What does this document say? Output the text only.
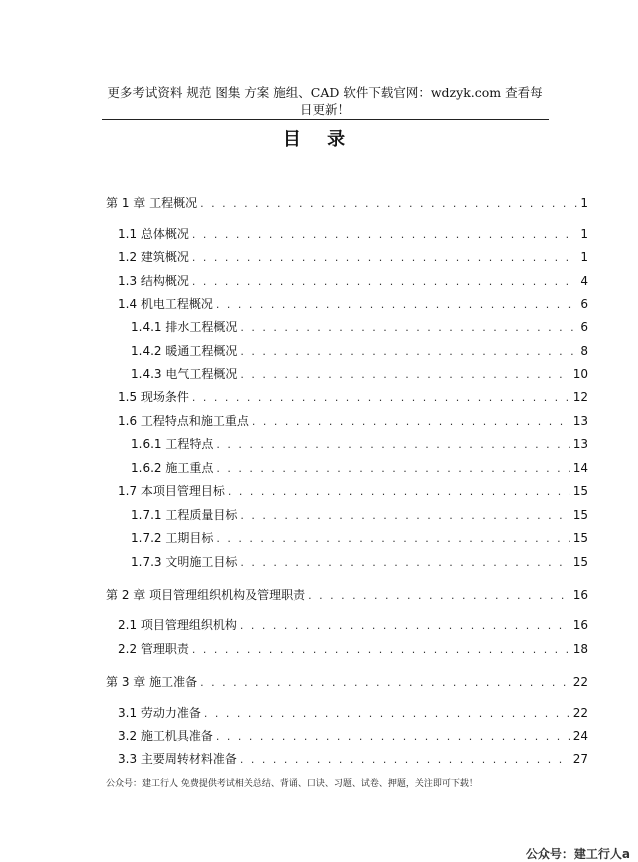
更多考试资料 规范 图集 方案 施组、CAD 软件下载官网：wdzyk.com 查看每
日更新！
目 录
第 1 章 工程概况 . . .	1
1.1 总体概况 . . .	1
1.2 建筑概况 . . .	1
1.3 结构概况 . . .	4
1.4 机电工程概况 . . .	6
1.4.1 排水工程概况 . . .	6
1.4.2 暖通工程概况 . . .	8
1.4.3 电气工程概况 . . .	10
1.5 现场条件 . . .	12
1.6 工程特点和施工重点 . . .	13
1.6.1 工程特点 . . .	13
1.6.2 施工重点 . . .	14
1.7 本项目管理目标 . . .	15
1.7.1 工程质量目标 . . .	15
1.7.2 工期目标 . . .	15
1.7.3 文明施工目标 . . .	15
第 2 章 项目管理组织机构及管理职责 . . .	16
2.1 项目管理组织机构 . . .	16
2.2 管理职责 . . .	18
第 3 章 施工准备 . . .	22
3.1 劳动力准备 . . .	22
3.2 施工机具准备 . . .	24
3.3 主要周转材料准备 . . .	27
公众号：建工行人 免费提供考试相关总结、背诵、口诀、习题、试卷、押题，关注即可下载！
公众号：建工行人a
